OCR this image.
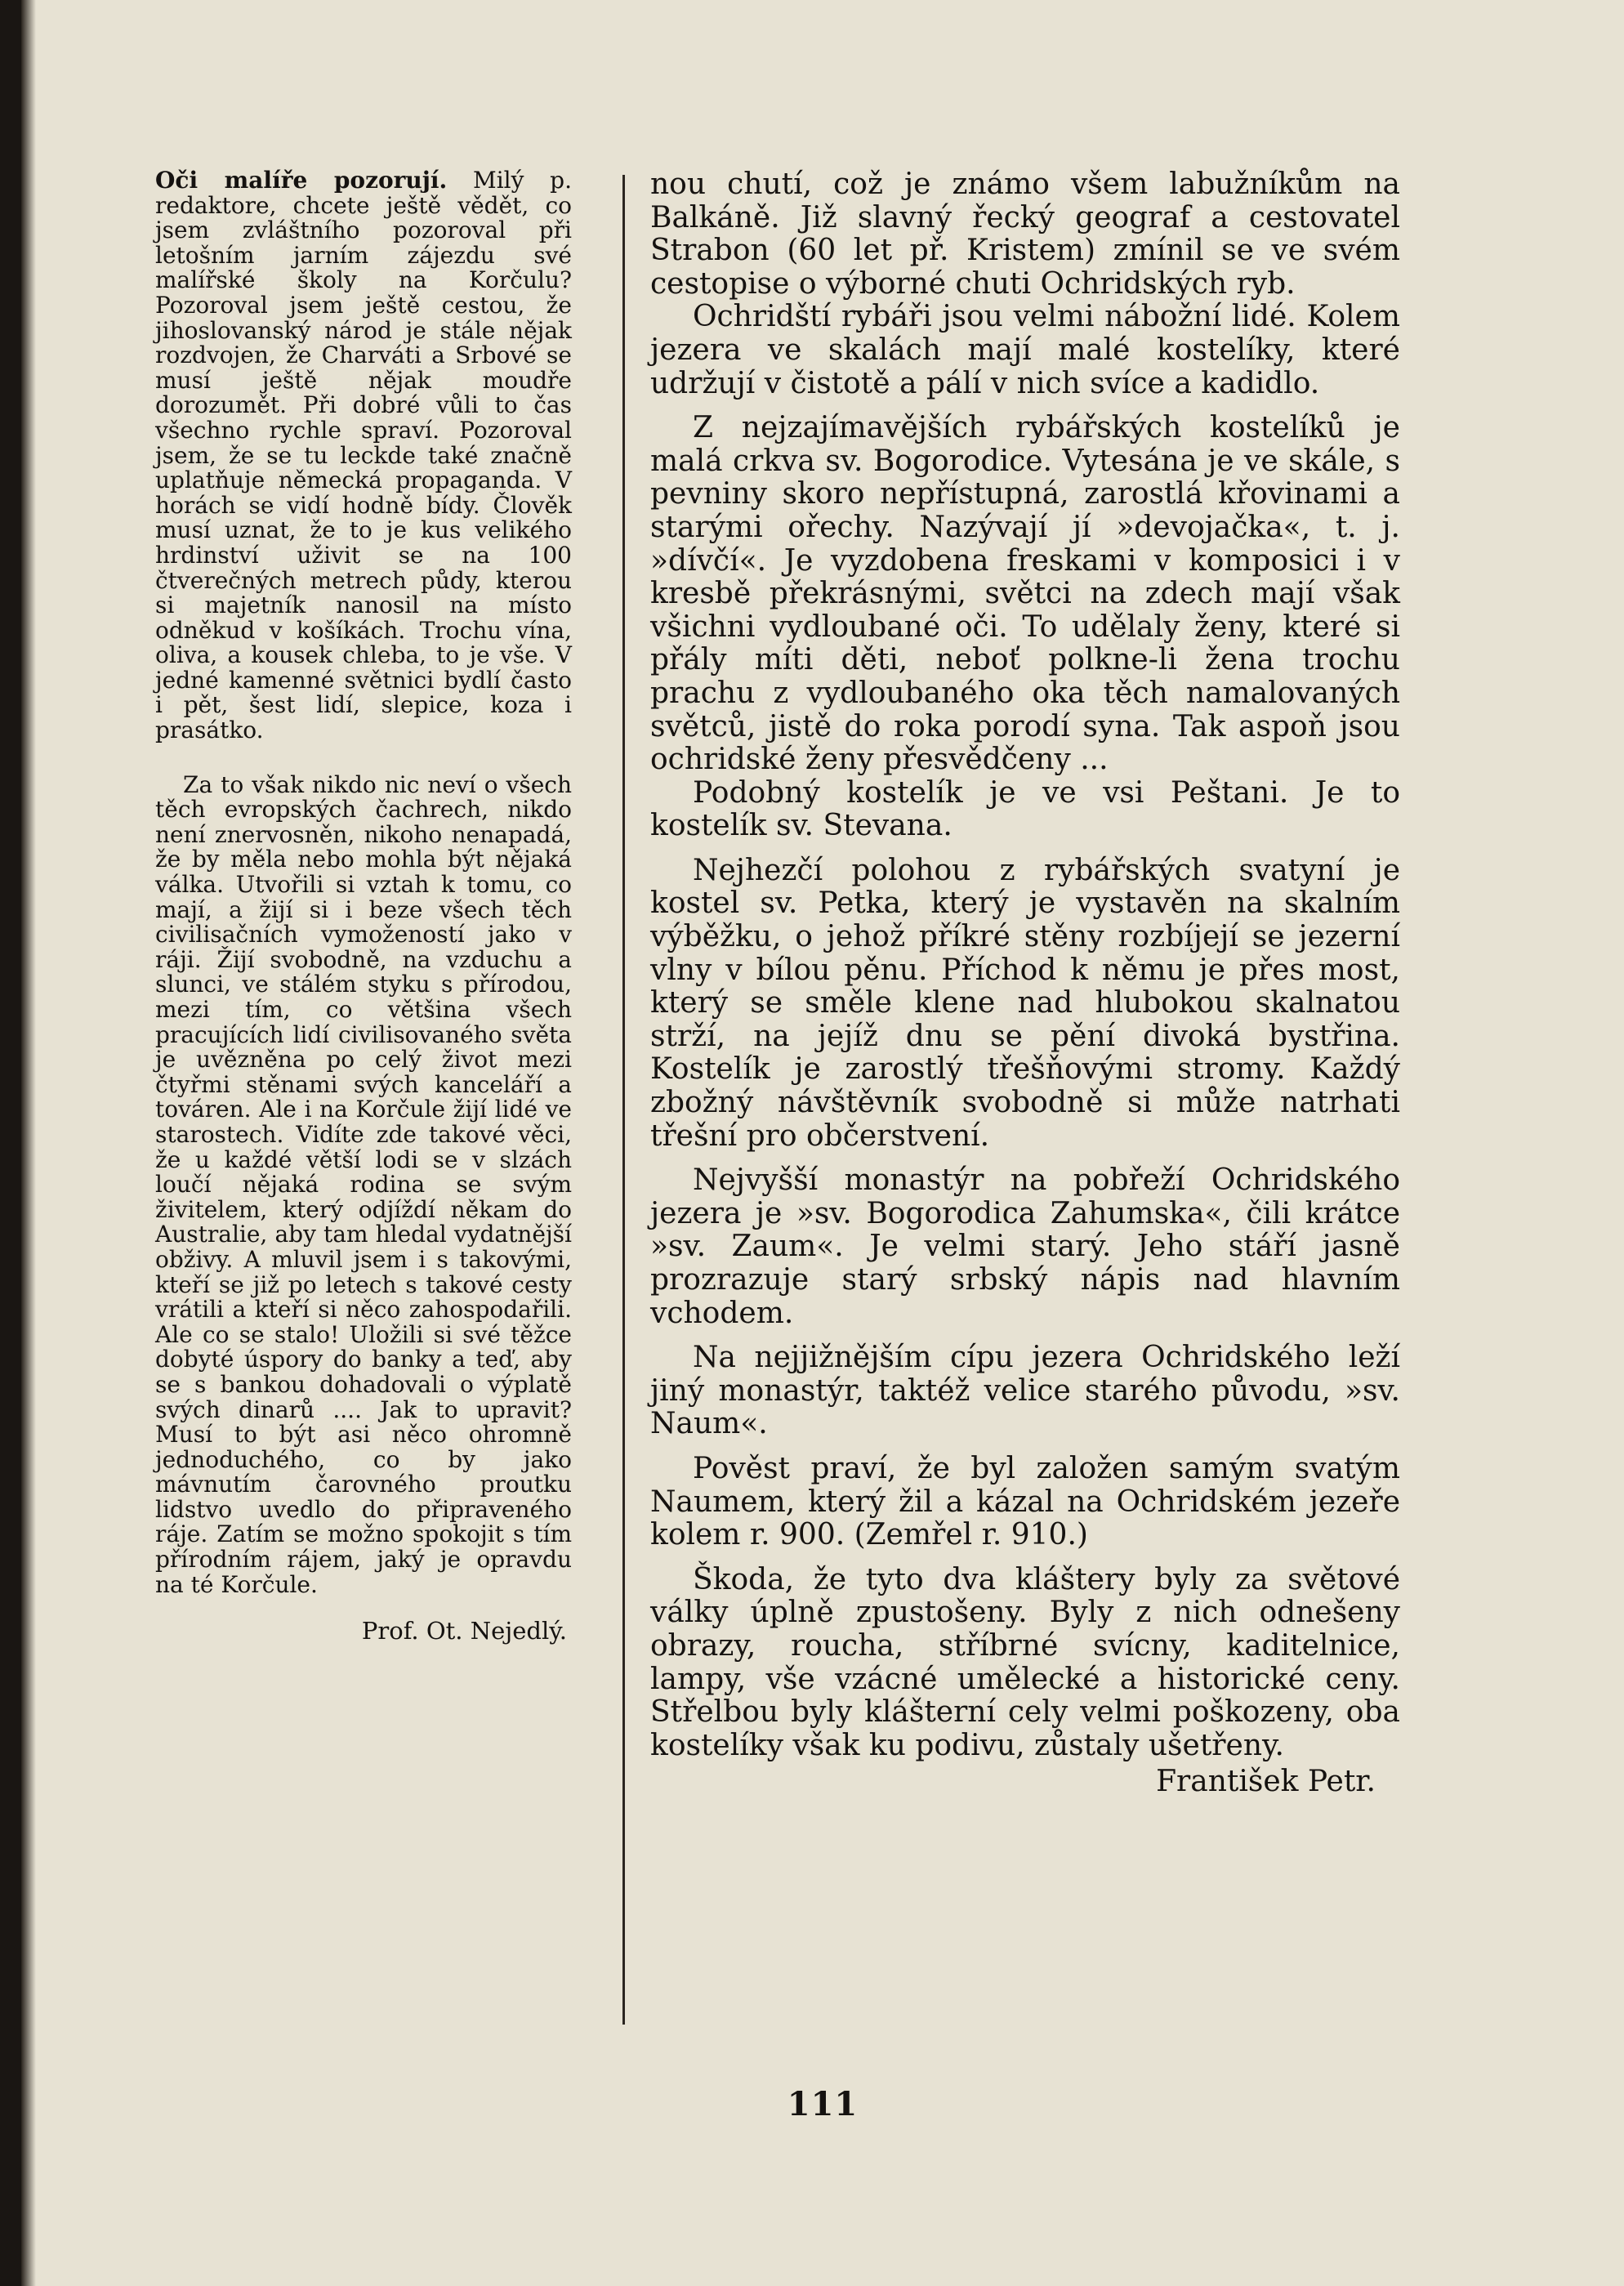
Oči malíře pozorují. Milý p. redaktore, chcete ještě vědět, co jsem zvláštního pozoroval při letošním jarním zájezdu své malířské školy na Korčulu? Pozoroval jsem ještě cestou, že jihoslovanský národ je stále nějak rozdvojen, že Charváti a Srbové se musí ještě nějak moudře dorozumět. Při dobré vůli to čas všechno rychle spraví. Pozoroval jsem, že se tu leckde také značně uplatňuje německá propaganda. V horách se vidí hodně bídy. Člověk musí uznat, že to je kus velikého hrdinství uživit se na 100 čtverečných metrech půdy, kterou si majetník nanosil na místo odněkud v košíkách. Trochu vína, oliva, a kousek chleba, to je vše. V jedné kamenné světnici bydlí často i pět, šest lidí, slepice, koza i prasátko.

Za to však nikdo nic neví o všech těch evropských čachrech, nikdo není znervosněn, nikoho nenapadá, že by měla nebo mohla být nějaká válka. Utvořili si vztah k tomu, co mají, a žijí si i beze všech těch civilisačních vymožeností jako v ráji. Žijí svobodně, na vzduchu a slunci, ve stálém styku s přírodou, mezi tím, co většina všech pracujících lidí civilisovaného světa je uvězněna po celý život mezi čtyřmi stěnami svých kanceláří a továren. Ale i na Korčule žijí lidé ve starostech. Vidíte zde takové věci, že u každé větší lodi se v slzách loučí nějaká rodina se svým živitelem, který odjíždí někam do Australie, aby tam hledal vydatnější obživy. A mluvil jsem i s takovými, kteří se již po letech s takové cesty vrátili a kteří si něco zahospodařili. Ale co se stalo! Uložili si své těžce dobyté úspory do banky a teď, aby se s bankou dohadovali o výplatě svých dinarů .... Jak to upravit? Musí to být asi něco ohromně jednoduchého, co by jako mávnutím čarovného proutku lidstvo uvedlo do připraveného ráje. Zatím se možno spokojit s tím přírodním rájem, jaký je opravdu na té Korčule.

Prof. Ot. Nejedlý.

nou chutí, což je známo všem labužníkům na Balkáně. Již slavný řecký geograf a cestovatel Strabon (60 let př. Kristem) zmínil se ve svém cestopise o výborné chuti Ochridských ryb.

Ochridští rybáři jsou velmi nábožní lidé. Kolem jezera ve skalách mají malé kostelíky, které udržují v čistotě a pálí v nich svíce a kadidlo.

Z nejzajímavějších rybářských kostelíků je malá crkva sv. Bogorodice. Vytesána je ve skále, s pevniny skoro nepřístupná, zarostlá křovinami a starými ořechy. Nazývají jí »devojačka«, t. j. »dívčí«. Je vyzdobena freskami v komposici i v kresbě překrásnými, světci na zdech mají však všichni vydloubané oči. To udělaly ženy, které si přály míti děti, neboť polkne-li žena trochu prachu z vydloubaného oka těch namalovaných světců, jistě do roka porodí syna. Tak aspoň jsou ochridské ženy přesvědčeny ...

Podobný kostelík je ve vsi Peštani. Je to kostelík sv. Stevana.

Nejhezčí polohou z rybářských svatyní je kostel sv. Petka, který je vystavěn na skalním výběžku, o jehož příkré stěny rozbíjejí se jezerní vlny v bílou pěnu. Příchod k němu je přes most, který se směle klene nad hlubokou skalnatou strží, na jejíž dnu se pění divoká bystřina. Kostelík je zarostlý třešňovými stromy. Každý zbožný návštěvník svobodně si může natrhati třešní pro občerstvení.

Nejvyšší monastýr na pobřeží Ochridského jezera je »sv. Bogorodica Zahumska«, čili krátce »sv. Zaum«. Je velmi starý. Jeho stáří jasně prozrazuje starý srbský nápis nad hlavním vchodem.

Na nejjižnějším cípu jezera Ochridského leží jiný monastýr, taktéž velice starého původu, »sv. Naum«.

Pověst praví, že byl založen samým svatým Naumem, který žil a kázal na Ochridském jezeře kolem r. 900. (Zemřel r. 910.)

Škoda, že tyto dva kláštery byly za světové války úplně zpustošeny. Byly z nich odnešeny obrazy, roucha, stříbrné svícny, kaditelnice, lampy, vše vzácné umělecké a historické ceny. Střelbou byly klášterní cely velmi poškozeny, oba kostelíky však ku podivu, zůstaly ušetřeny.

František Petr.

111
